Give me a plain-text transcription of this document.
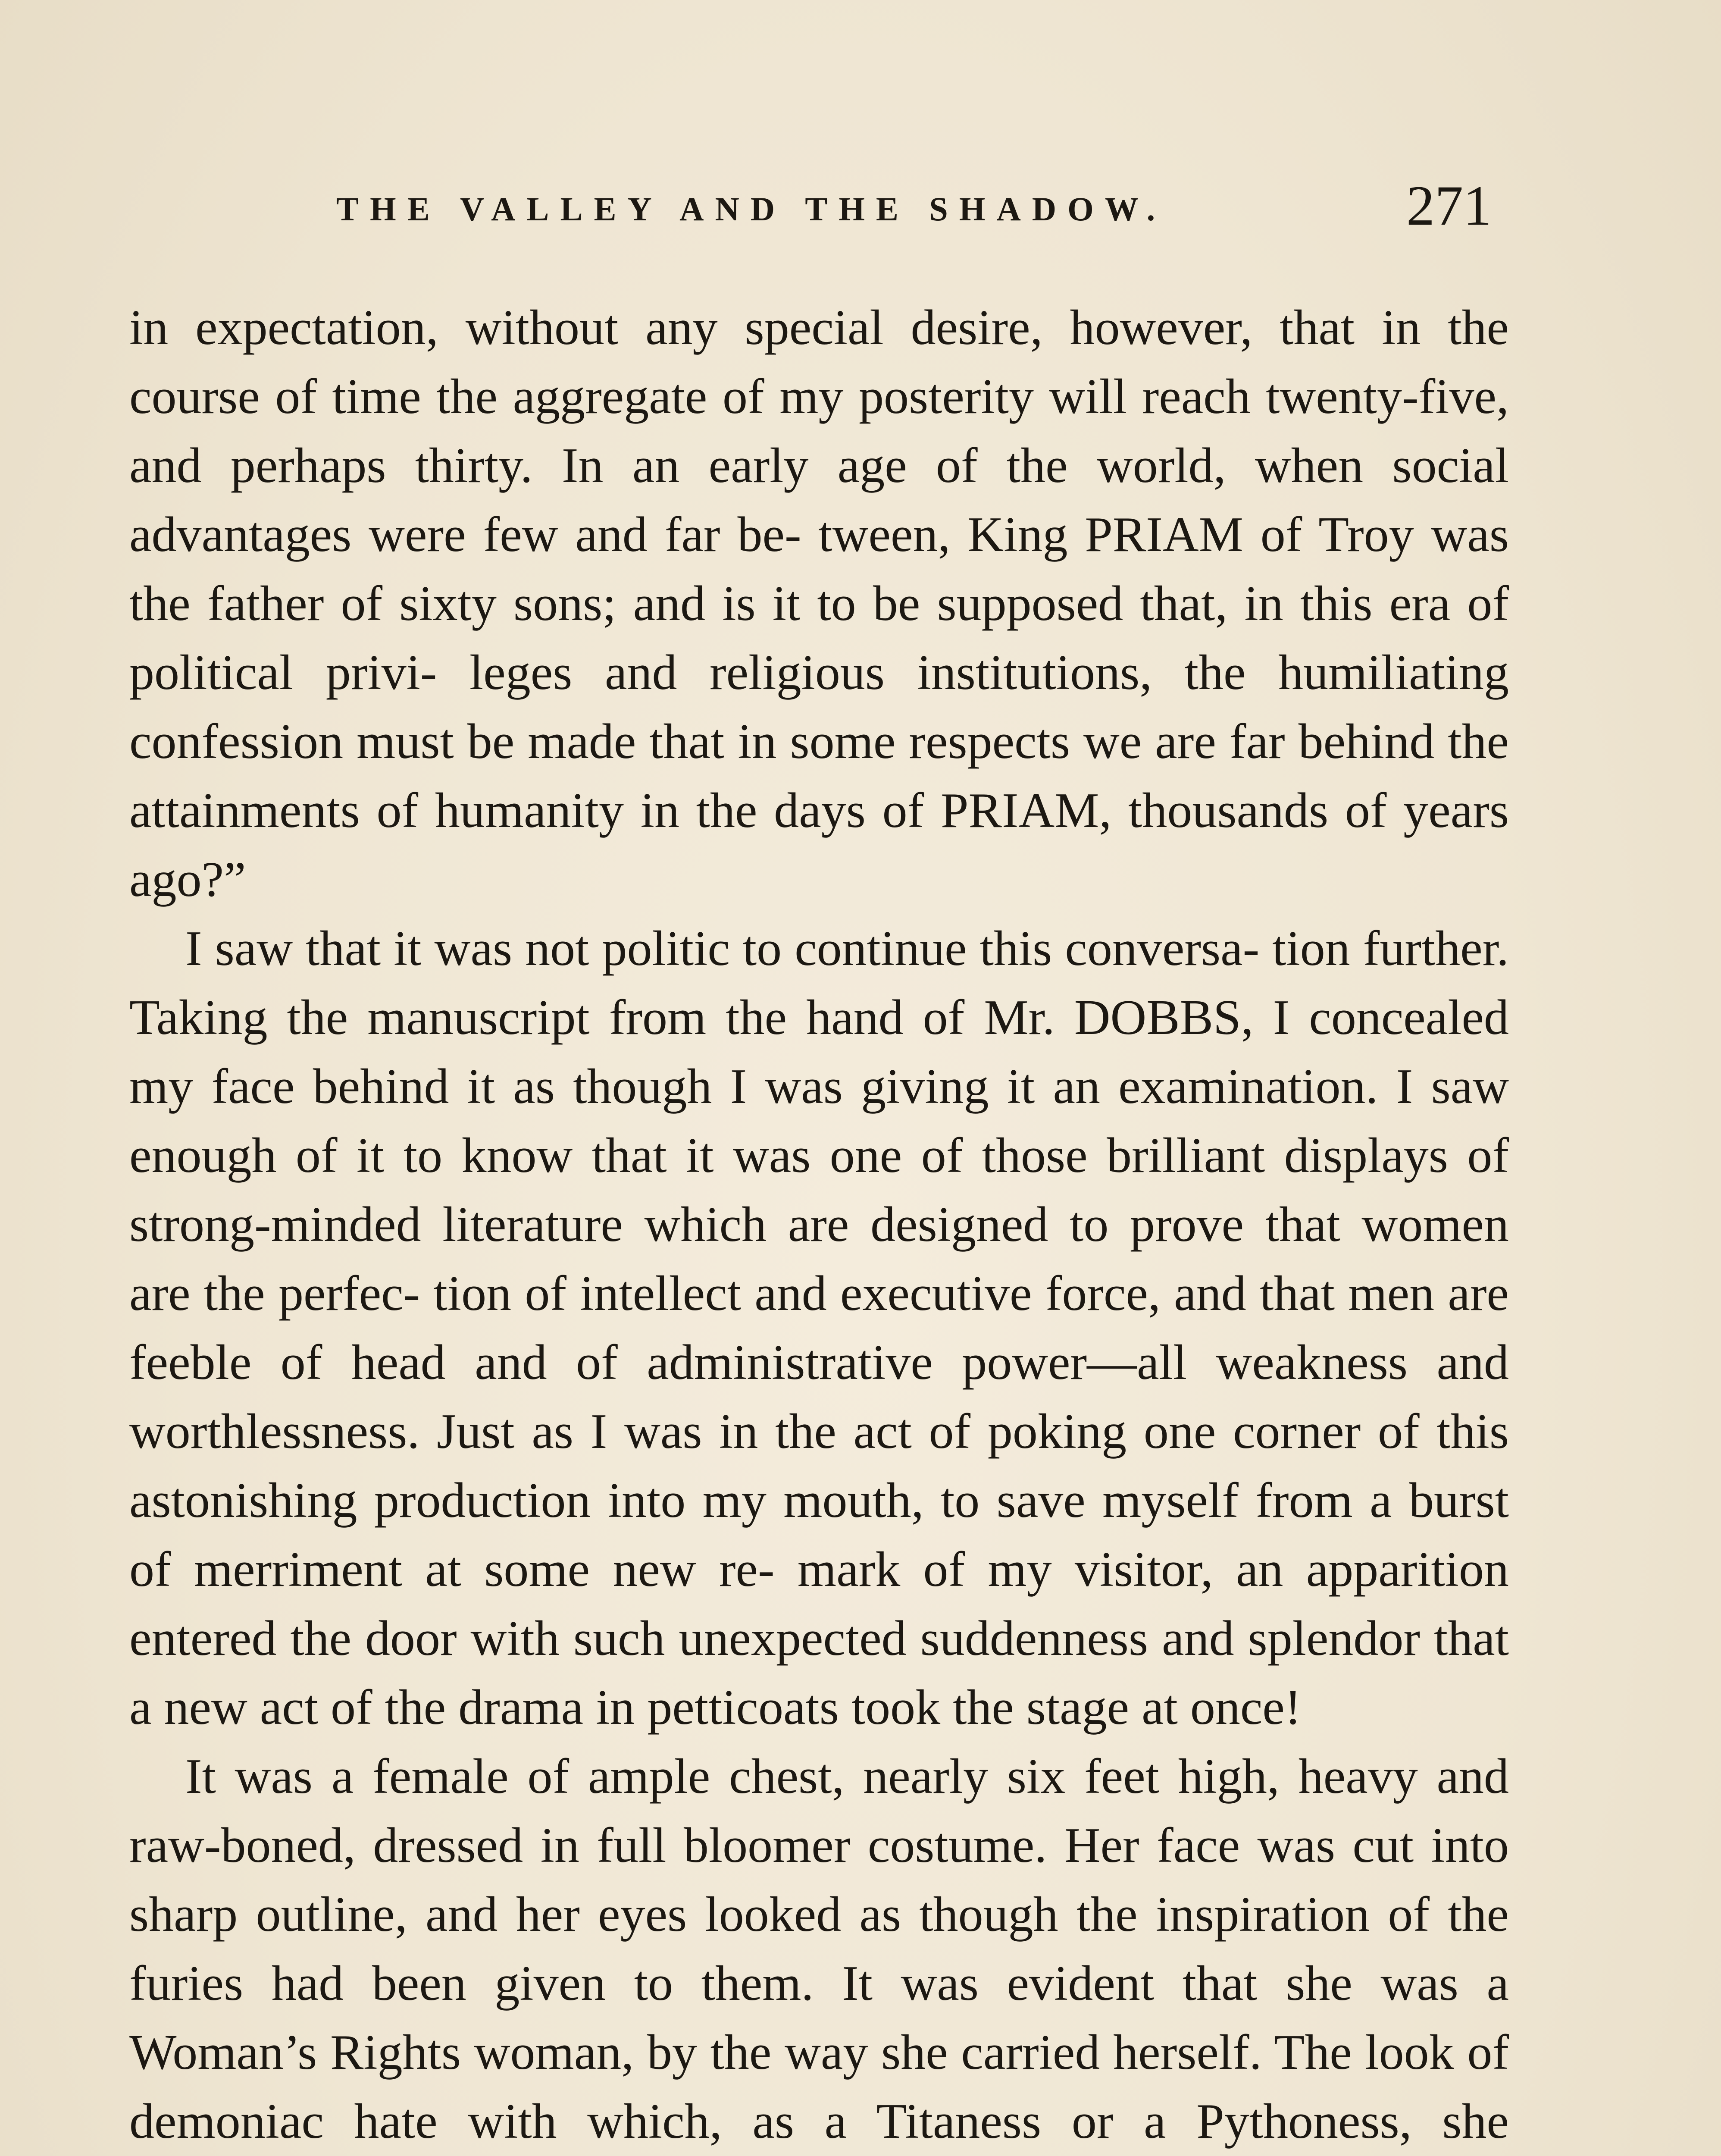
THE VALLEY AND THE SHADOW.	271

in expectation, without any special desire, however, that in the course of time the aggregate of my posterity will reach twenty-five, and perhaps thirty. In an early age of the world, when social advantages were few and far be- tween, King PRIAM of Troy was the father of sixty sons; and is it to be supposed that, in this era of political privi- leges and religious institutions, the humiliating confession must be made that in some respects we are far behind the attainments of humanity in the days of PRIAM, thousands of years ago?”

I saw that it was not politic to continue this conversa- tion further. Taking the manuscript from the hand of Mr. DOBBS, I concealed my face behind it as though I was giving it an examination. I saw enough of it to know that it was one of those brilliant displays of strong-minded literature which are designed to prove that women are the perfec- tion of intellect and executive force, and that men are feeble of head and of administrative power—all weakness and worthlessness. Just as I was in the act of poking one corner of this astonishing production into my mouth, to save myself from a burst of merriment at some new re- mark of my visitor, an apparition entered the door with such unexpected suddenness and splendor that a new act of the drama in petticoats took the stage at once!

It was a female of ample chest, nearly six feet high, heavy and raw-boned, dressed in full bloomer costume. Her face was cut into sharp outline, and her eyes looked as though the inspiration of the furies had been given to them. It was evident that she was a Woman’s Rights woman, by the way she carried herself. The look of demoniac hate with which, as a Titaness or a Pythoness, she
